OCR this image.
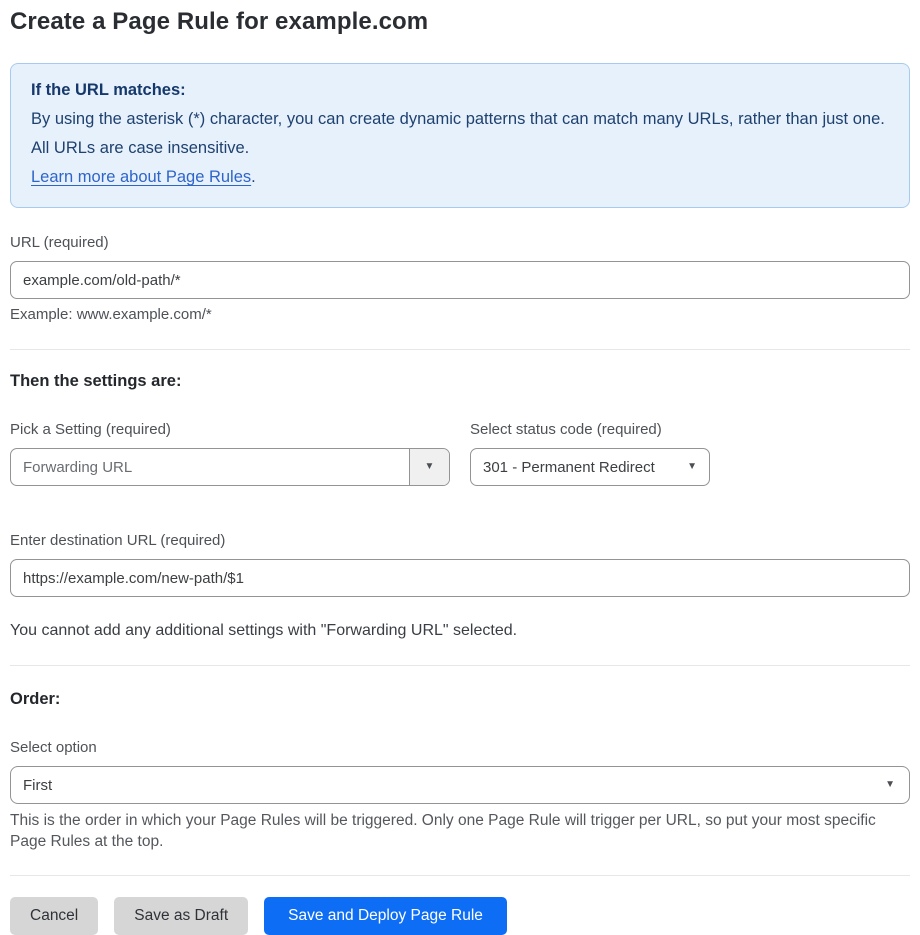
Create a Page Rule for example.com
If the URL matches:
By using the asterisk (*) character, you can create dynamic patterns that can match many URLs, rather than just one. All URLs are case insensitive.
Learn more about Page Rules.
URL (required)
example.com/old-path/*
Example: www.example.com/*
Then the settings are:
Pick a Setting (required)
Forwarding URL	▼
Select status code (required)
301 - Permanent Redirect	▼
Enter destination URL (required)
https://example.com/new-path/$1
You cannot add any additional settings with "Forwarding URL" selected.
Order:
Select option
First	▼
This is the order in which your Page Rules will be triggered. Only one Page Rule will trigger per URL, so put your most specific Page Rules at the top.
Cancel	Save as Draft	Save and Deploy Page Rule
